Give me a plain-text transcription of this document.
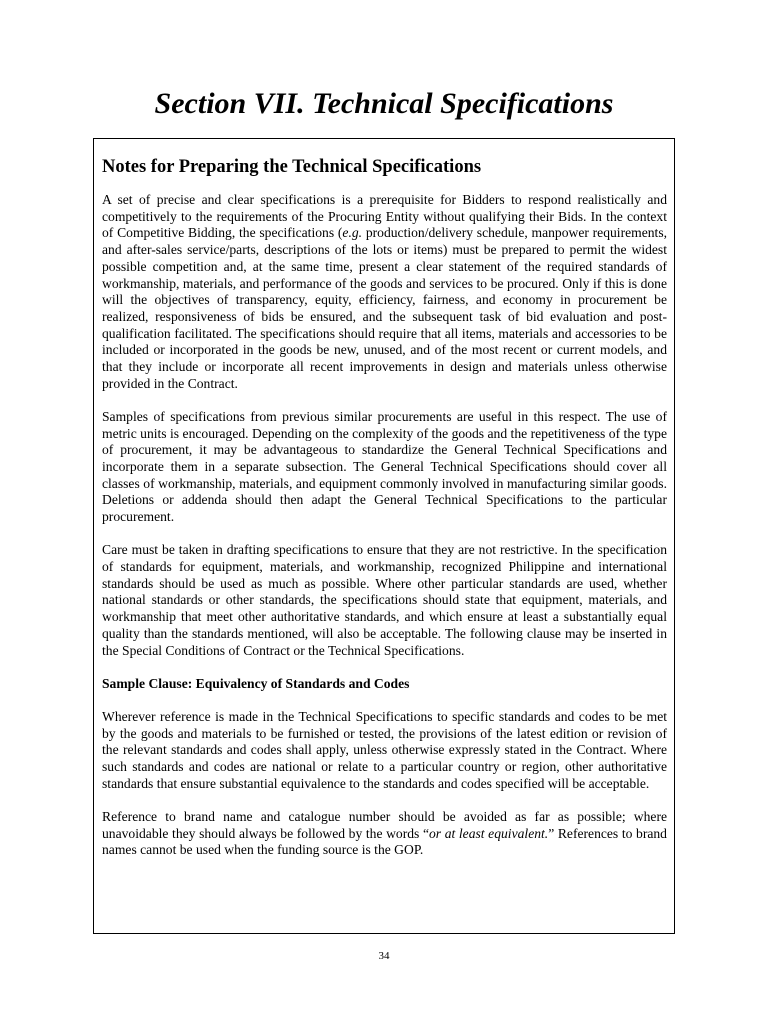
Section VII. Technical Specifications
Notes for Preparing the Technical Specifications

A set of precise and clear specifications is a prerequisite for Bidders to respond realistically and competitively to the requirements of the Procuring Entity without qualifying their Bids. In the context of Competitive Bidding, the specifications (e.g. production/delivery schedule, manpower requirements, and after-sales service/parts, descriptions of the lots or items) must be prepared to permit the widest possible competition and, at the same time, present a clear statement of the required standards of workmanship, materials, and performance of the goods and services to be procured. Only if this is done will the objectives of transparency, equity, efficiency, fairness, and economy in procurement be realized, responsiveness of bids be ensured, and the subsequent task of bid evaluation and post-qualification facilitated. The specifications should require that all items, materials and accessories to be included or incorporated in the goods be new, unused, and of the most recent or current models, and that they include or incorporate all recent improvements in design and materials unless otherwise provided in the Contract.

Samples of specifications from previous similar procurements are useful in this respect. The use of metric units is encouraged. Depending on the complexity of the goods and the repetitiveness of the type of procurement, it may be advantageous to standardize the General Technical Specifications and incorporate them in a separate subsection. The General Technical Specifications should cover all classes of workmanship, materials, and equipment commonly involved in manufacturing similar goods. Deletions or addenda should then adapt the General Technical Specifications to the particular procurement.

Care must be taken in drafting specifications to ensure that they are not restrictive. In the specification of standards for equipment, materials, and workmanship, recognized Philippine and international standards should be used as much as possible. Where other particular standards are used, whether national standards or other standards, the specifications should state that equipment, materials, and workmanship that meet other authoritative standards, and which ensure at least a substantially equal quality than the standards mentioned, will also be acceptable. The following clause may be inserted in the Special Conditions of Contract or the Technical Specifications.

Sample Clause: Equivalency of Standards and Codes

Wherever reference is made in the Technical Specifications to specific standards and codes to be met by the goods and materials to be furnished or tested, the provisions of the latest edition or revision of the relevant standards and codes shall apply, unless otherwise expressly stated in the Contract. Where such standards and codes are national or relate to a particular country or region, other authoritative standards that ensure substantial equivalence to the standards and codes specified will be acceptable.

Reference to brand name and catalogue number should be avoided as far as possible; where unavoidable they should always be followed by the words “or at least equivalent.” References to brand names cannot be used when the funding source is the GOP.

34
